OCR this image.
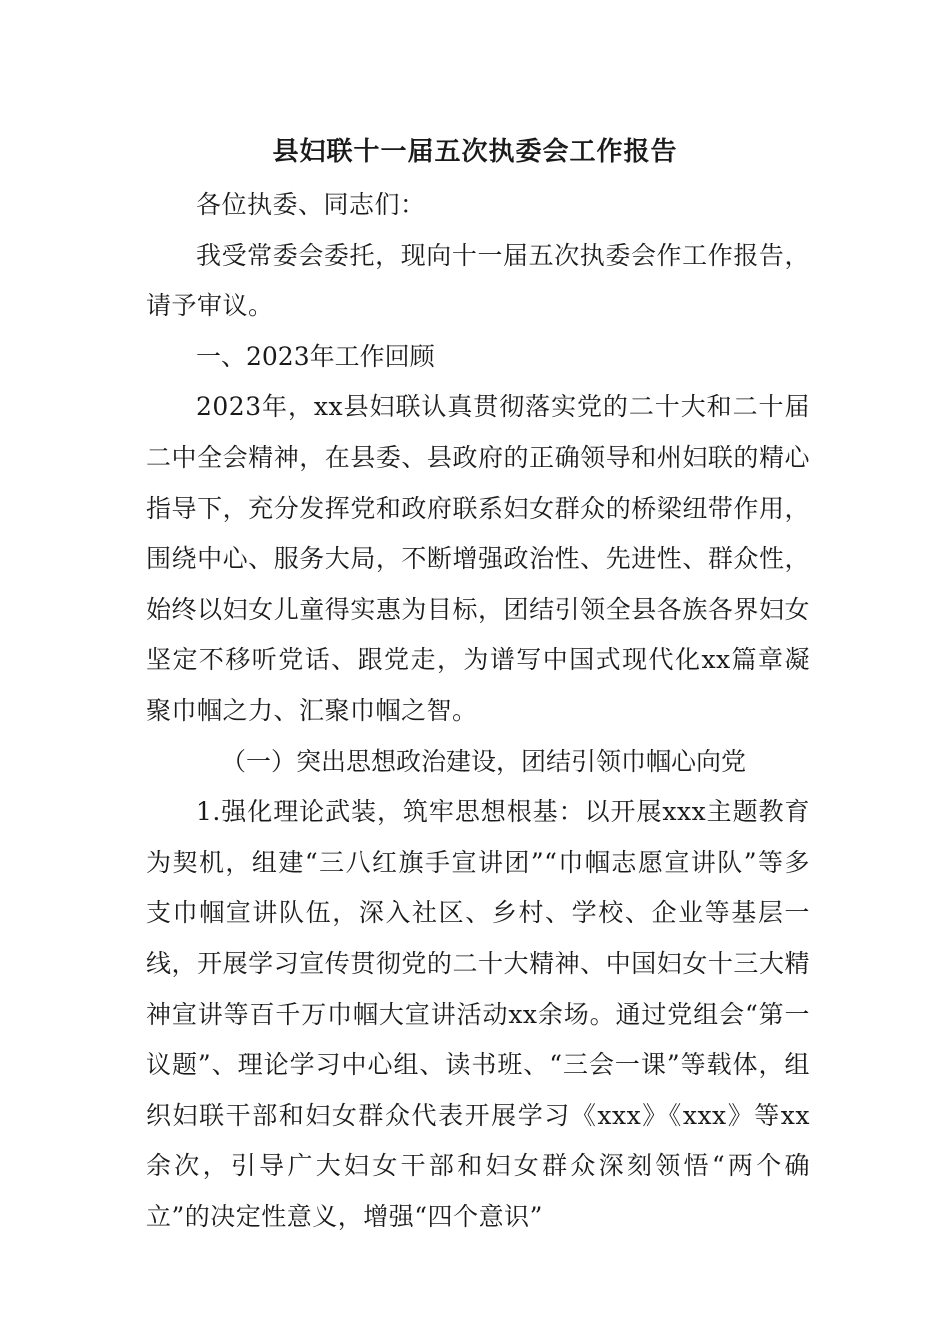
县妇联十一届五次执委会工作报告

各位执委、同志们：

我受常委会委托，现向十一届五次执委会作工作报告，请予审议。

一、2023年工作回顾

2023年，xx县妇联认真贯彻落实党的二十大和二十届二中全会精神，在县委、县政府的正确领导和州妇联的精心指导下，充分发挥党和政府联系妇女群众的桥梁纽带作用，围绕中心、服务大局，不断增强政治性、先进性、群众性，始终以妇女儿童得实惠为目标，团结引领全县各族各界妇女坚定不移听党话、跟党走，为谱写中国式现代化xx篇章凝聚巾帼之力、汇聚巾帼之智。

（一）突出思想政治建设，团结引领巾帼心向党

1.强化理论武装，筑牢思想根基：以开展xxx主题教育为契机，组建“三八红旗手宣讲团”“巾帼志愿宣讲队”等多支巾帼宣讲队伍，深入社区、乡村、学校、企业等基层一线，开展学习宣传贯彻党的二十大精神、中国妇女十三大精神宣讲等百千万巾帼大宣讲活动xx余场。通过党组会“第一议题”、理论学习中心组、读书班、“三会一课”等载体，组织妇联干部和妇女群众代表开展学习《xxx》《xxx》等xx余次，引导广大妇女干部和妇女群众深刻领悟“两个确立”的决定性意义，增强“四个意识”
